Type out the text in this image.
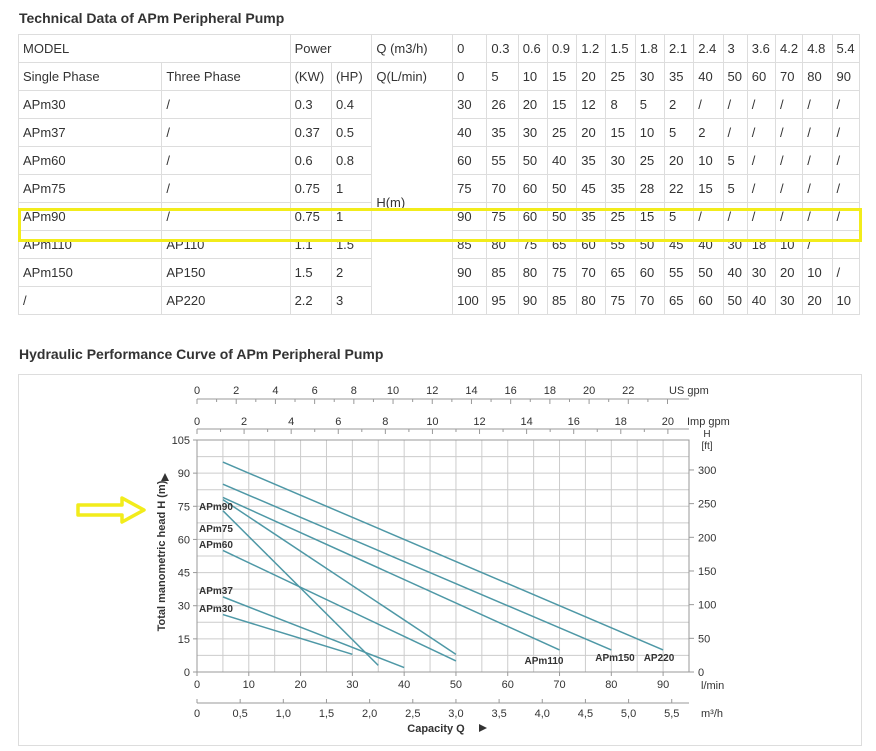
Technical Data of APm Peripheral Pump
MODEL		Power		Q (m3/h)	0	0.3	0.6	0.9	1.2	1.5	1.8	2.1	2.4	3	3.6	4.2	4.8	5.4
Single Phase	Three Phase	(KW)	(HP)	Q(L/min)	0	5	10	15	20	25	30	35	40	50	60	70	80	90
APm30	/	0.3	0.4	H(m)	30	26	20	15	12	8	5	2	/	/	/	/	/	/
APm37	/	0.37	0.5		40	35	30	25	20	15	10	5	2	/	/	/	/	/
APm60	/	0.6	0.8		60	55	50	40	35	30	25	20	10	5	/	/	/	/
APm75	/	0.75	1		75	70	60	50	45	35	28	22	15	5	/	/	/	/
APm90	/	0.75	1		90	75	60	50	35	25	15	5	/	/	/	/	/	/
APm110	AP110	1.1	1.5		85	80	75	65	60	55	50	45	40	30	18	10	/	
APm150	AP150	1.5	2		90	85	80	75	70	65	60	55	50	40	30	20	10	/
/	AP220	2.2	3		100	95	90	85	80	75	70	65	60	50	40	30	20	10
Hydraulic Performance Curve of APm Peripheral Pump
0
15
30
45
60
75
90
105
Total manometric head H (m)
0
50
100
150
200
250
300
H
[ft]
0	10	20	30	40	50	60	70	80	90	l/min
0	0,5	1,0	1,5	2,0	2,5	3,0	3,5	4,0	4,5	5,0	5,5 m³/h
Capacity Q
0	2	4	6	8	10	12	14	16	18	20 Imp gpm
0	2	4	6	8	10 12 14 16 18 20 22	US gpm
APm30
APm37
APm60
APm75
APm90
APm110	APm150 AP220
